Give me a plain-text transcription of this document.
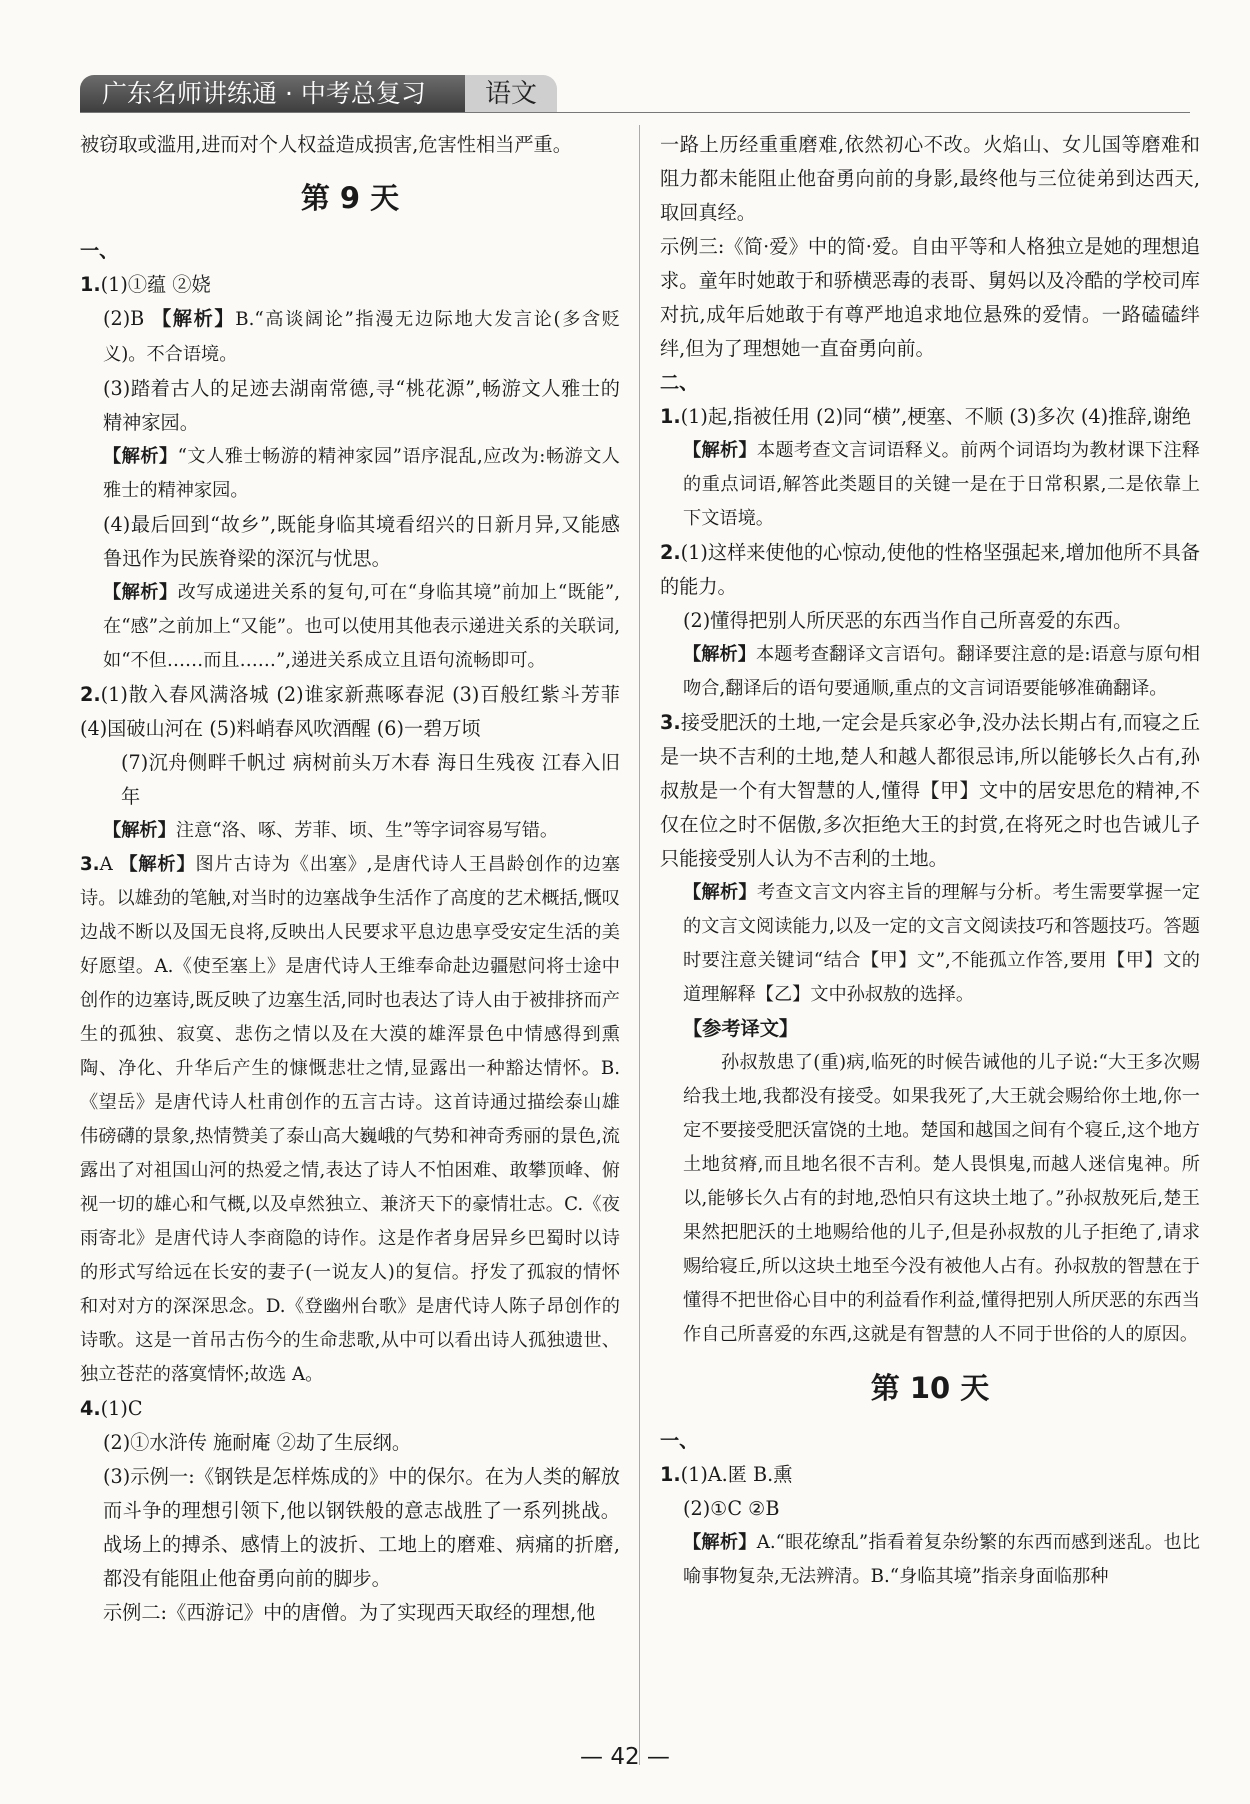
广东名师讲练通 · 中考总复习	语文

被窃取或滥用,进而对个人权益造成损害,危害性相当严重。

第 9 天

一、

1.(1)①蕴 ②娆

(2)B 【解析】B.“高谈阔论”指漫无边际地大发言论(多含贬义)。不合语境。

(3)踏着古人的足迹去湖南常德,寻“桃花源”,畅游文人雅士的精神家园。

【解析】“文人雅士畅游的精神家园”语序混乱,应改为:畅游文人雅士的精神家园。

(4)最后回到“故乡”,既能身临其境看绍兴的日新月异,又能感鲁迅作为民族脊梁的深沉与忧思。

【解析】改写成递进关系的复句,可在“身临其境”前加上“既能”,在“感”之前加上“又能”。也可以使用其他表示递进关系的关联词,如“不但……而且……”,递进关系成立且语句流畅即可。

2.(1)散入春风满洛城 (2)谁家新燕啄春泥 (3)百般红紫斗芳菲 (4)国破山河在 (5)料峭春风吹酒醒 (6)一碧万顷

(7)沉舟侧畔千帆过 病树前头万木春 海日生残夜 江春入旧年

【解析】注意“洛、啄、芳菲、顷、生”等字词容易写错。

3.A 【解析】图片古诗为《出塞》,是唐代诗人王昌龄创作的边塞诗。以雄劲的笔触,对当时的边塞战争生活作了高度的艺术概括,慨叹边战不断以及国无良将,反映出人民要求平息边患享受安定生活的美好愿望。A.《使至塞上》是唐代诗人王维奉命赴边疆慰问将士途中创作的边塞诗,既反映了边塞生活,同时也表达了诗人由于被排挤而产生的孤独、寂寞、悲伤之情以及在大漠的雄浑景色中情感得到熏陶、净化、升华后产生的慷慨悲壮之情,显露出一种豁达情怀。B.《望岳》是唐代诗人杜甫创作的五言古诗。这首诗通过描绘泰山雄伟磅礴的景象,热情赞美了泰山高大巍峨的气势和神奇秀丽的景色,流露出了对祖国山河的热爱之情,表达了诗人不怕困难、敢攀顶峰、俯视一切的雄心和气概,以及卓然独立、兼济天下的豪情壮志。C.《夜雨寄北》是唐代诗人李商隐的诗作。这是作者身居异乡巴蜀时以诗的形式写给远在长安的妻子(一说友人)的复信。抒发了孤寂的情怀和对对方的深深思念。D.《登幽州台歌》是唐代诗人陈子昂创作的诗歌。这是一首吊古伤今的生命悲歌,从中可以看出诗人孤独遗世、独立苍茫的落寞情怀;故选 A。

4.(1)C

(2)①水浒传 施耐庵 ②劫了生辰纲。

(3)示例一:《钢铁是怎样炼成的》中的保尔。在为人类的解放而斗争的理想引领下,他以钢铁般的意志战胜了一系列挑战。战场上的搏杀、感情上的波折、工地上的磨难、病痛的折磨,都没有能阻止他奋勇向前的脚步。

示例二:《西游记》中的唐僧。为了实现西天取经的理想,他

一路上历经重重磨难,依然初心不改。火焰山、女儿国等磨难和阻力都未能阻止他奋勇向前的身影,最终他与三位徒弟到达西天,取回真经。

示例三:《简·爱》中的简·爱。自由平等和人格独立是她的理想追求。童年时她敢于和骄横恶毒的表哥、舅妈以及冷酷的学校司库对抗,成年后她敢于有尊严地追求地位悬殊的爱情。一路磕磕绊绊,但为了理想她一直奋勇向前。

二、

1.(1)起,指被任用 (2)同“横”,梗塞、不顺 (3)多次 (4)推辞,谢绝

【解析】本题考查文言词语释义。前两个词语均为教材课下注释的重点词语,解答此类题目的关键一是在于日常积累,二是依靠上下文语境。

2.(1)这样来使他的心惊动,使他的性格坚强起来,增加他所不具备的能力。

(2)懂得把别人所厌恶的东西当作自己所喜爱的东西。

【解析】本题考查翻译文言语句。翻译要注意的是:语意与原句相吻合,翻译后的语句要通顺,重点的文言词语要能够准确翻译。

3.接受肥沃的土地,一定会是兵家必争,没办法长期占有,而寝之丘是一块不吉利的土地,楚人和越人都很忌讳,所以能够长久占有,孙叔敖是一个有大智慧的人,懂得【甲】文中的居安思危的精神,不仅在位之时不倨傲,多次拒绝大王的封赏,在将死之时也告诫儿子只能接受别人认为不吉利的土地。

【解析】考查文言文内容主旨的理解与分析。考生需要掌握一定的文言文阅读能力,以及一定的文言文阅读技巧和答题技巧。答题时要注意关键词“结合【甲】文”,不能孤立作答,要用【甲】文的道理解释【乙】文中孙叔敖的选择。

【参考译文】

孙叔敖患了(重)病,临死的时候告诫他的儿子说:“大王多次赐给我土地,我都没有接受。如果我死了,大王就会赐给你土地,你一定不要接受肥沃富饶的土地。楚国和越国之间有个寝丘,这个地方土地贫瘠,而且地名很不吉利。楚人畏惧鬼,而越人迷信鬼神。所以,能够长久占有的封地,恐怕只有这块土地了。”孙叔敖死后,楚王果然把肥沃的土地赐给他的儿子,但是孙叔敖的儿子拒绝了,请求赐给寝丘,所以这块土地至今没有被他人占有。孙叔敖的智慧在于懂得不把世俗心目中的利益看作利益,懂得把别人所厌恶的东西当作自己所喜爱的东西,这就是有智慧的人不同于世俗的人的原因。

第 10 天

一、

1.(1)A.匿 B.熏

(2)①C ②B

【解析】A.“眼花缭乱”指看着复杂纷繁的东西而感到迷乱。也比喻事物复杂,无法辨清。B.“身临其境”指亲身面临那种

— 42 —
